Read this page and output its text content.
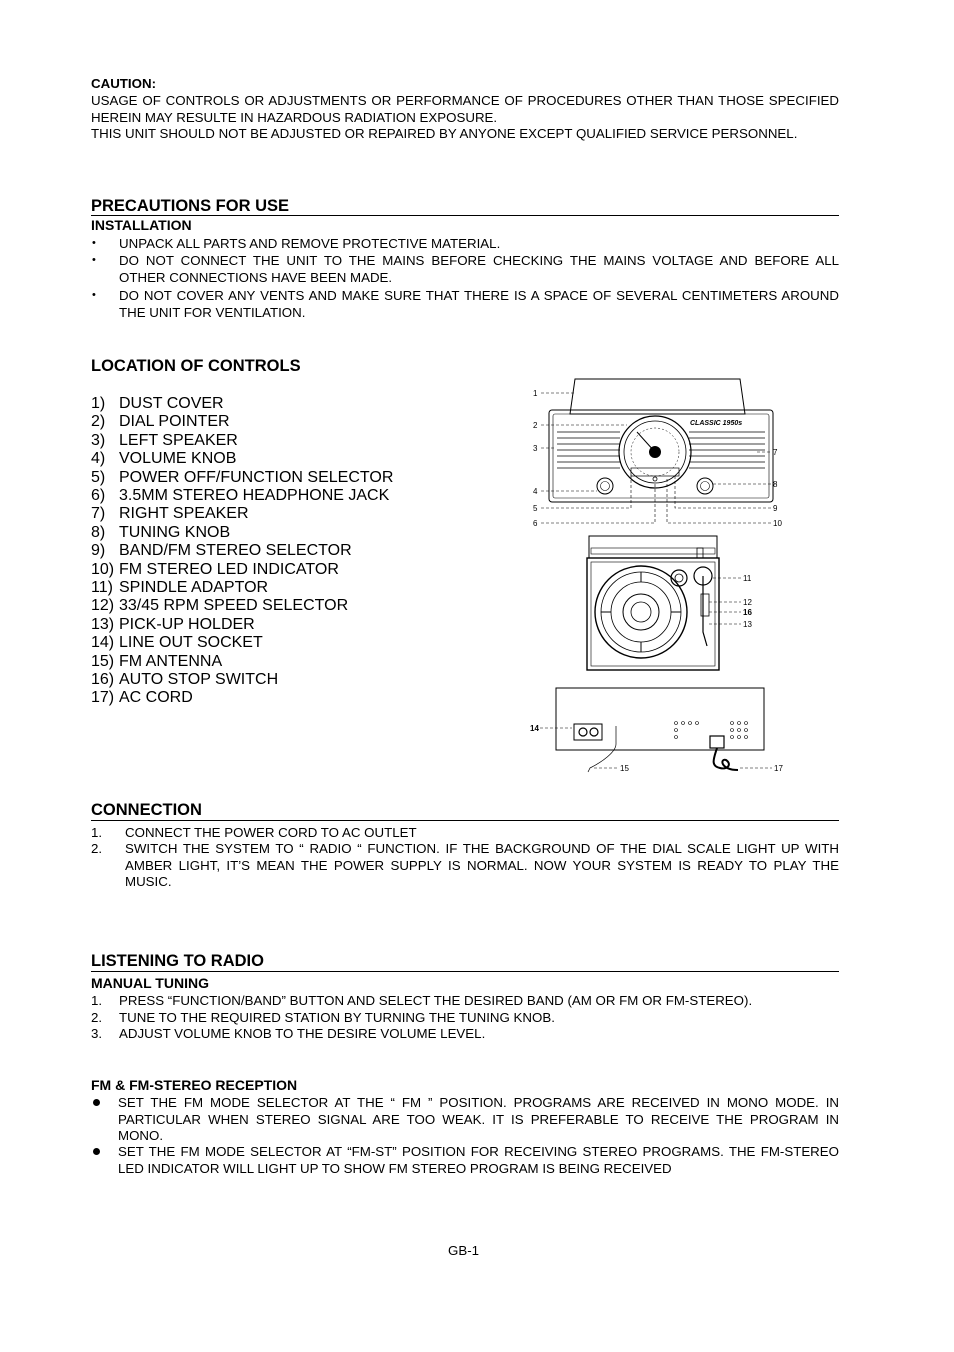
CAUTION:
USAGE OF CONTROLS OR ADJUSTMENTS OR PERFORMANCE OF PROCEDURES OTHER THAN THOSE SPECIFIED HEREIN MAY RESULTE IN HAZARDOUS RADIATION EXPOSURE.
THIS UNIT SHOULD NOT BE ADJUSTED OR REPAIRED BY ANYONE EXCEPT QUALIFIED SERVICE PERSONNEL.
PRECAUTIONS FOR USE
INSTALLATION
•	UNPACK ALL PARTS AND REMOVE PROTECTIVE MATERIAL.
•	DO NOT CONNECT THE UNIT TO THE MAINS BEFORE CHECKING THE MAINS VOLTAGE AND BEFORE ALL OTHER CONNECTIONS HAVE BEEN MADE.
•	DO NOT COVER ANY VENTS AND MAKE SURE THAT THERE IS A SPACE OF SEVERAL CENTIMETERS AROUND THE UNIT FOR VENTILATION.
LOCATION OF CONTROLS
1) DUST COVER
2) DIAL POINTER
3) LEFT SPEAKER
4) VOLUME KNOB
5) POWER OFF/FUNCTION SELECTOR
6) 3.5MM STEREO HEADPHONE JACK
7) RIGHT SPEAKER
8) TUNING KNOB
9) BAND/FM STEREO SELECTOR
10) FM STEREO LED INDICATOR
11) SPINDLE ADAPTOR
12) 33/45 RPM SPEED SELECTOR
13) PICK-UP HOLDER
14) LINE OUT SOCKET
15) FM ANTENNA
16) AUTO STOP SWITCH
17) AC CORD
CLASSIC 1950s
1
2
3
4
5
6
7
8
9
10
11
12
16
13
14
15	17
CONNECTION
1. CONNECT THE POWER CORD TO AC OUTLET
2. SWITCH THE SYSTEM TO “ RADIO “ FUNCTION. IF THE BACKGROUND OF THE DIAL SCALE LIGHT UP WITH AMBER LIGHT, IT’S MEAN THE POWER SUPPLY IS NORMAL. NOW YOUR SYSTEM IS READY TO PLAY THE MUSIC.
LISTENING TO RADIO
MANUAL TUNING
1. PRESS “FUNCTION/BAND” BUTTON AND SELECT THE DESIRED BAND (AM OR FM OR FM-STEREO).
2. TUNE TO THE REQUIRED STATION BY TURNING THE TUNING KNOB.
3. ADJUST VOLUME KNOB TO THE DESIRE VOLUME LEVEL.
FM & FM-STEREO RECEPTION
SET THE FM MODE SELECTOR AT THE “ FM ” POSITION. PROGRAMS ARE RECEIVED IN MONO MODE. IN PARTICULAR WHEN STEREO SIGNAL ARE TOO WEAK. IT IS PREFERABLE TO RECEIVE THE PROGRAM IN MONO.
SET THE FM MODE SELECTOR AT “FM-ST” POSITION FOR RECEIVING STEREO PROGRAMS. THE FM-STEREO LED INDICATOR WILL LIGHT UP TO SHOW FM STEREO PROGRAM IS BEING RECEIVED
GB-1
